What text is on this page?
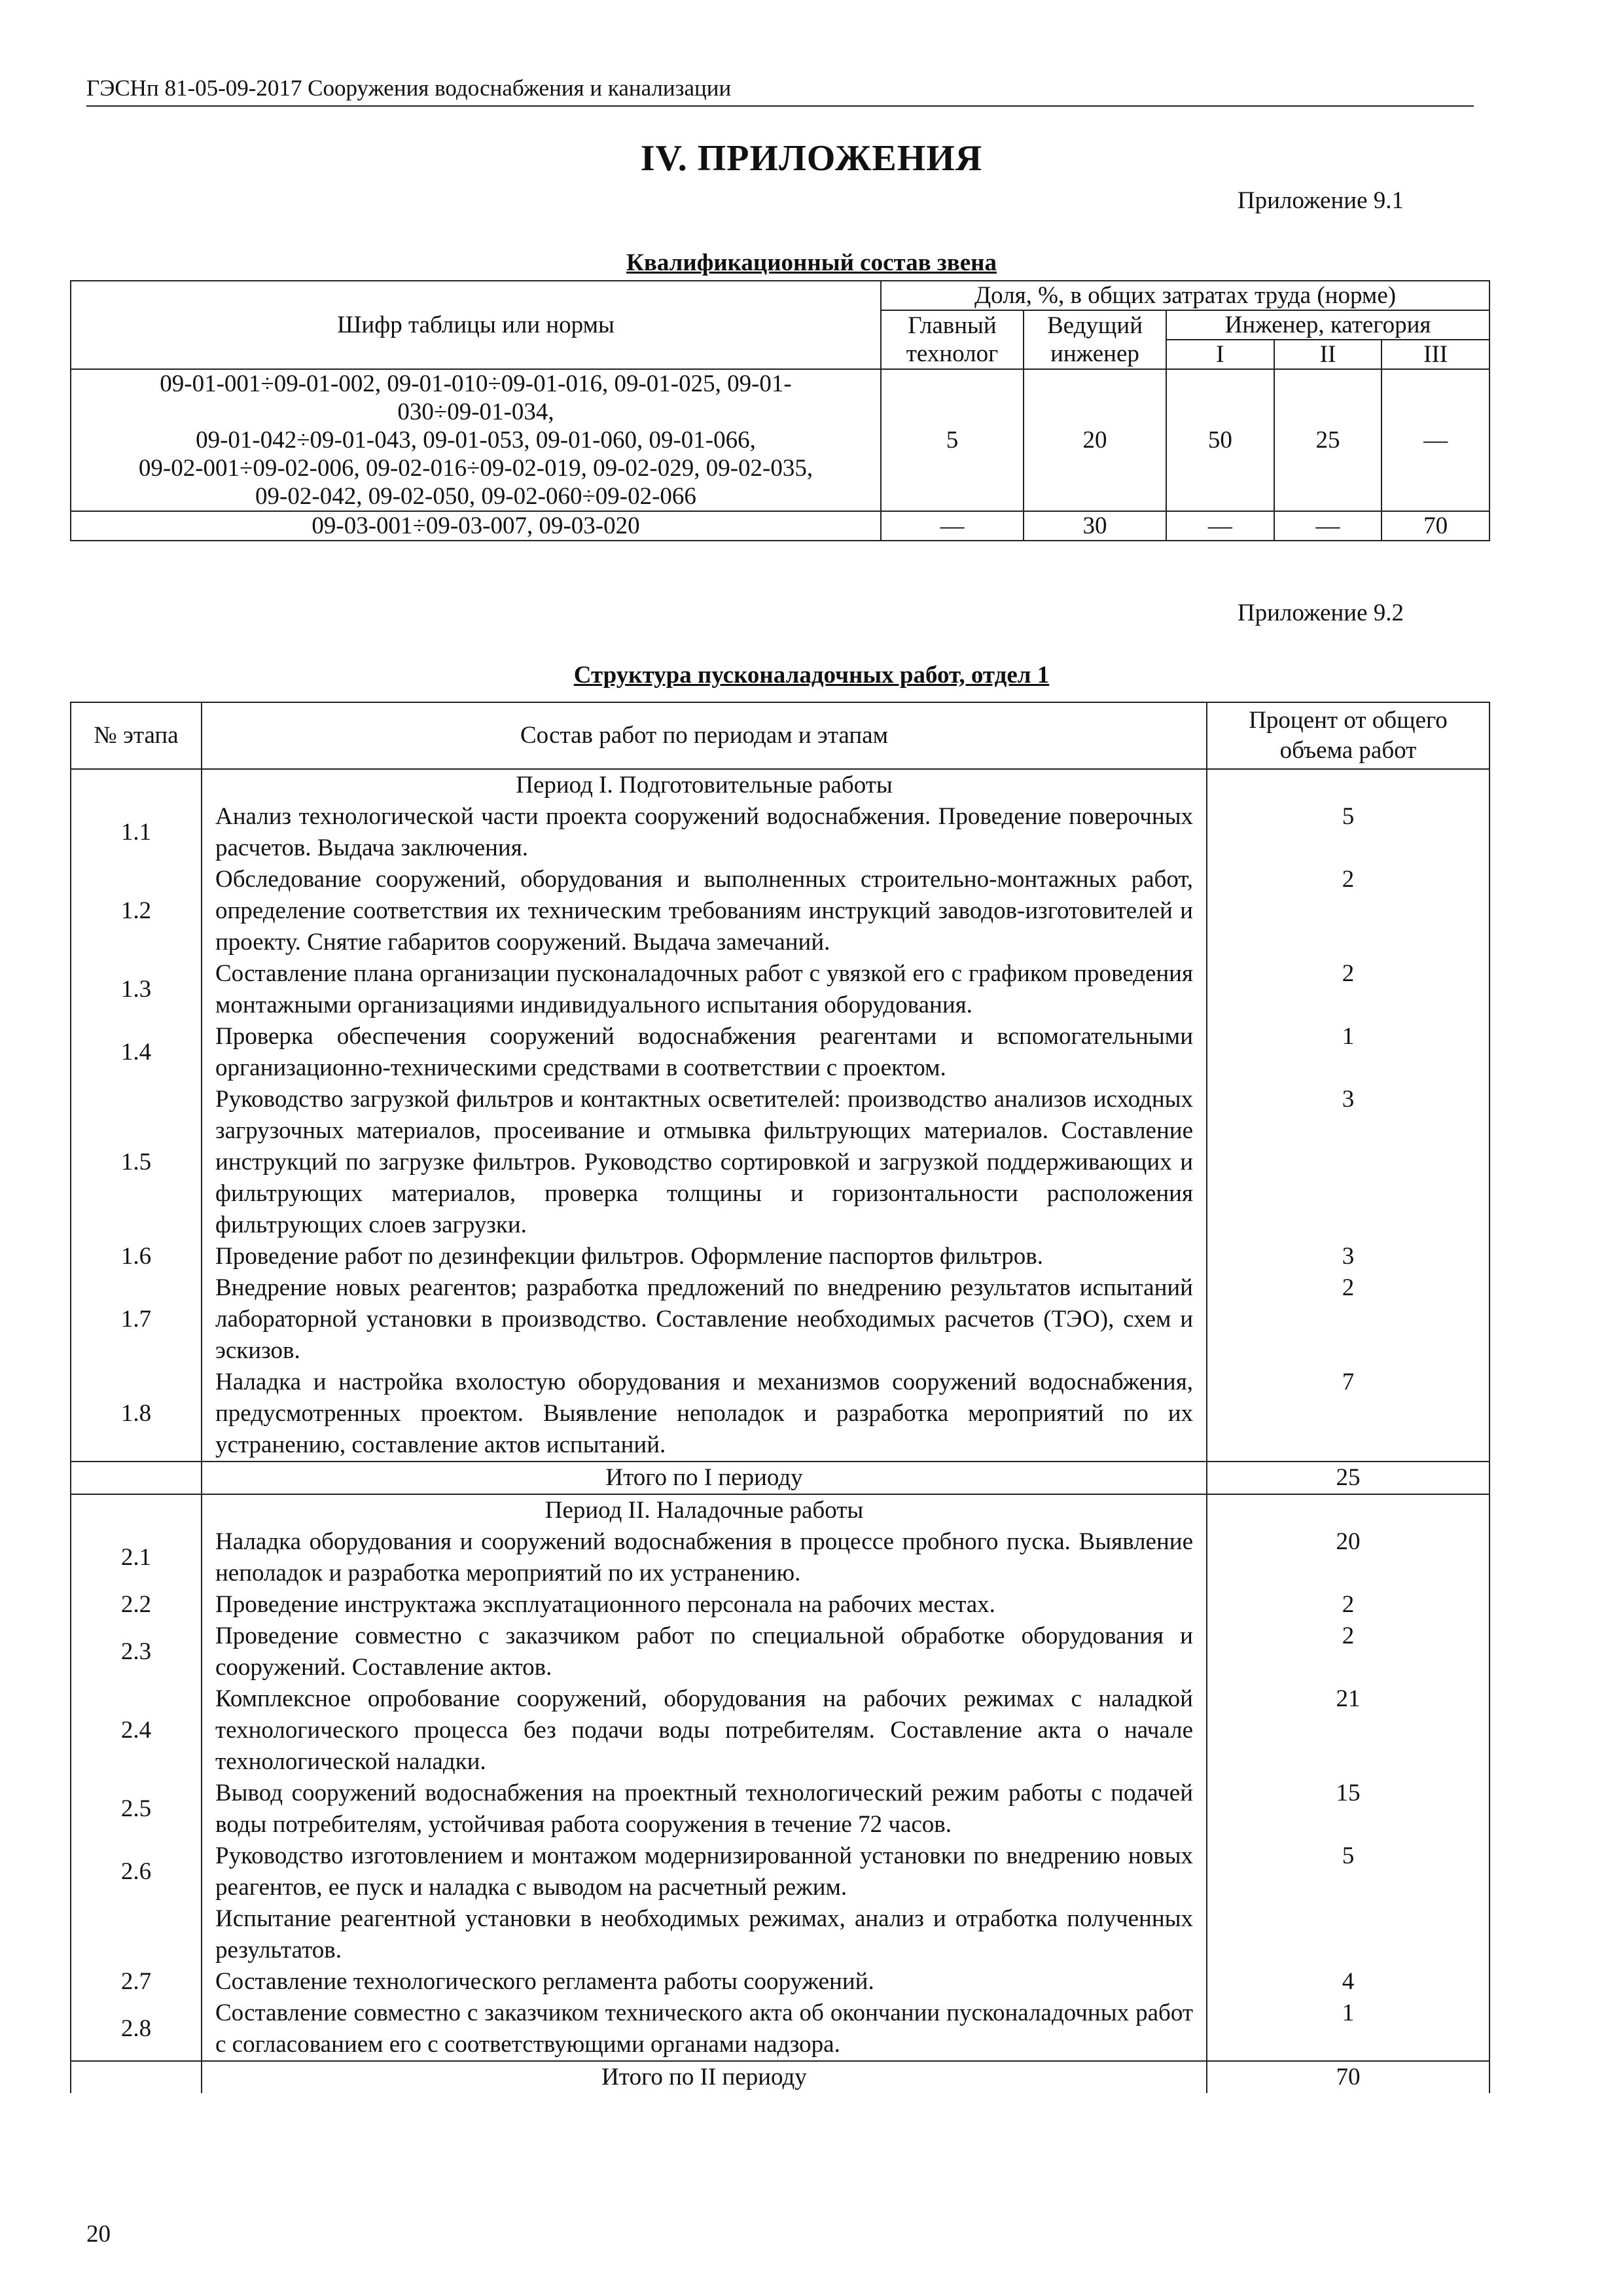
ГЭСНп 81-05-09-2017 Сооружения водоснабжения и канализации
IV. ПРИЛОЖЕНИЯ
Приложение 9.1
Квалификационный состав звена
Шифр таблицы или нормы	Доля, %, в общих затратах труда (норме)				
	Главный технолог	Ведущий инженер	Инженер, категория		
			I	II	III

09-01-001÷09-01-002, 09-01-010÷09-01-016, 09-01-025, 09-01-
030÷09-01-034,
09-01-042÷09-01-043, 09-01-053, 09-01-060, 09-01-066,
09-02-001÷09-02-006, 09-02-016÷09-02-019, 09-02-029, 09-02-035,
09-02-042, 09-02-050, 09-02-060÷09-02-066	5	20	50	25	—

09-03-001÷09-03-007, 09-03-020	—	30	—	—	70
Приложение 9.2
Структура пусконаладочных работ, отдел 1
№ этапа	Состав работ по периодам и этапам	Процент от общего объема работ
	Период I. Подготовительные работы	
1.1	Анализ технологической части проекта сооружений водоснабжения. Проведение поверочных расчетов. Выдача заключения.	5
1.2	Обследование сооружений, оборудования и выполненных строительно-монтажных работ, определение соответствия их техническим требованиям инструкций заводов-изготовителей и проекту. Снятие габаритов сооружений. Выдача замечаний.	2
1.3	Составление плана организации пусконаладочных работ с увязкой его с графиком проведения монтажными организациями индивидуального испытания оборудования.	2
1.4	Проверка обеспечения сооружений водоснабжения реагентами и вспомогательными организационно-техническими средствами в соответствии с проектом.	1
1.5	Руководство загрузкой фильтров и контактных осветителей: производство анализов исходных загрузочных материалов, просеивание и отмывка фильтрующих материалов. Составление инструкций по загрузке фильтров. Руководство сортировкой и загрузкой поддерживающих и фильтрующих материалов, проверка толщины и горизонтальности расположения фильтрующих слоев загрузки.	3
1.6	Проведение работ по дезинфекции фильтров. Оформление паспортов фильтров.	3
1.7	Внедрение новых реагентов; разработка предложений по внедрению результатов испытаний лабораторной установки в производство. Составление необходимых расчетов (ТЭО), схем и эскизов.	2
1.8	Наладка и настройка вхолостую оборудования и механизмов сооружений водоснабжения, предусмотренных проектом. Выявление неполадок и разработка мероприятий по их устранению, составление актов испытаний.	7
	Итого по I периоду	25
	Период II. Наладочные работы	
2.1	Наладка оборудования и сооружений водоснабжения в процессе пробного пуска. Выявление неполадок и разработка мероприятий по их устранению.	20
2.2	Проведение инструктажа эксплуатационного персонала на рабочих местах.	2
2.3	Проведение совместно с заказчиком работ по специальной обработке оборудования и сооружений. Составление актов.	2
2.4	Комплексное опробование сооружений, оборудования на рабочих режимах с наладкой технологического процесса без подачи воды потребителям. Составление акта о начале технологической наладки.	21
2.5	Вывод сооружений водоснабжения на проектный технологический режим работы с подачей воды потребителям, устойчивая работа сооружения в течение 72 часов.	15
2.6	Руководство изготовлением и монтажом модернизированной установки по внедрению новых реагентов, ее пуск и наладка с выводом на расчетный режим.	5
	Испытание реагентной установки в необходимых режимах, анализ и отработка полученных результатов.	
2.7	Составление технологического регламента работы сооружений.	4
2.8	Составление совместно с заказчиком технического акта об окончании пусконаладочных работ с согласованием его с соответствующими органами надзора.	1
	Итого по II периоду	70
20
